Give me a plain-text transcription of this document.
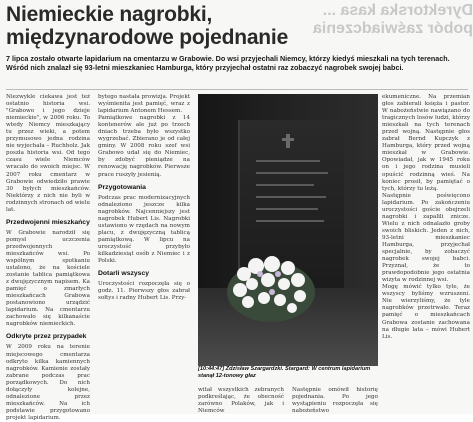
Dyrektorska kasa ... pobór zaświadczenia
Niemieckie nagrobki,
międzynarodowe pojednanie

7 lipca zostało otwarte lapidarium na cmentarzu w Grabowie. Do wsi przyjechali Niemcy, którzy kiedyś mieszkali na tych terenach. Wśród nich znalazł się 93-letni mieszkaniec Hamburga, który przyjechał ostatni raz zobaczyć nagrobek swojej babci.

Niezwykle ciekawa jest też ostatnio historia wsi. "Grabowo i jego dzieje niemieckie", w 2006 roku. To wtedy Niemcy mieszkający tu przez wieki, a potem przymusowo jedna rodzina nie wyjechała – Ruchholz. Jak poszła historia wsi. Od tego czasu wiele Niemców wracało do swoich miejsc. W 2007 roku cmentarz w Grabowie odwiedziło prawie 30 byłych mieszkańców. Niektórzy z nich nie byli w rodzinnych stronach od wielu lat.

Przedwojenni mieszkańcy

W Grabowie narodził się pomysł uczczenia przedwojennych mieszkańców wsi. Po wspólnym spotkaniu ustalono, że na kościele zostanie tablica pamiątkowa z dwujęzycznym napisem. Ka pamięć o zmarłych mieszkańcach Grabowa postanowiono urządzić lapidarium. Na cmentarzu zachowało się kilkanaście nagrobków niemieckich.

Odkryte przez przypadek

W 2009 roku na terenie miejscowego cmentarza odkryto kilka kamiennych nagrobków. Kamienie zostały zabrane podczas prac porządkowych. Do nich dołączyły kolejne, odnalezione przez mieszkańców. Na ich podstawie przygotowano projekt lapidarium.

bytego nastała prowizja. Projekt wyśmienita jest pamięć, wraz z lapidarium Antonem Hessem.

Pamiątkowe nagrobki z 14 kontenerów ale już po trzech dniach trzeba było wszystko wygrzebać. Zbierano je od całej gminy. W 2008 roku szef wsi Grabowo udał się do Niemiec, by zdobyć pieniądze na renowację nagrobków. Pierwsze prace ruszyły jesienią.

Przygotowania

Podczas prac modernizacyjnych odnaleziono jeszcze kilka nagrobków. Najcenniejszy jest nagrobek Hubert Lis. Nagrobki ustawiono w rzędach na nowym placu, z dwujęzyczną tablicą pamiątkową. W lipcu na uroczystość przybyło kilkadziesiąt osób z Niemiec i z Polski.

Dotarli wszyscy

Uroczystości rozpoczęła się o godz. 11. Pierwszy głos zabrał sołtys i radny Hubert Lis. Przy-

[10:44:47] Zdzisław Szargardzki. Stargard: W centrum lapidarium stanął 12-tonowy głaz

witał wszystkich zebranych podkreślając, że obecność zarówno Polaków, jak i Niemców
Następnie omówił historię pojednania. Po jego wystąpieniu rozpoczęła się nabożeństwo

ekumeniczne. Na przemian głos zabierali księża i pastor. W nabożeństwie nawiązano do tragicznych losów ludzi, którzy mieszkali na tych terenach przed wojną. Następnie głos zabrał Bernd Kupczyk z Hamburga, który przed wojną mieszkał w Grabowie. Opowiadał, jak w 1945 roku on i jego rodzina musieli opuścić rodzinną wieś. Na koniec prosił, by pamiętać o tych, którzy tu leżą.

Następnie poświęcono lapidarium. Po zakończeniu uroczystości goście obejrzeli nagrobki i zapalili znicze. Wielu z nich odnalazło groby swoich bliskich. Jeden z nich, 93-letni mieszkaniec Hamburga, przyjechał specjalnie, by zobaczyć nagrobek swojej babci. Przyznał, że to prawdopodobnie jego ostatnia wizyta w rodzinnej wsi.

Mogę mówić tylko tyle, że wszyscy byliśmy wzruszeni. Nie wierzyliśmy, że tyle nagrobków przetrwało. Teraz pamięć o mieszkańcach Grabowa zostanie zachowana na długie lata – mówi Hubert Lis.
